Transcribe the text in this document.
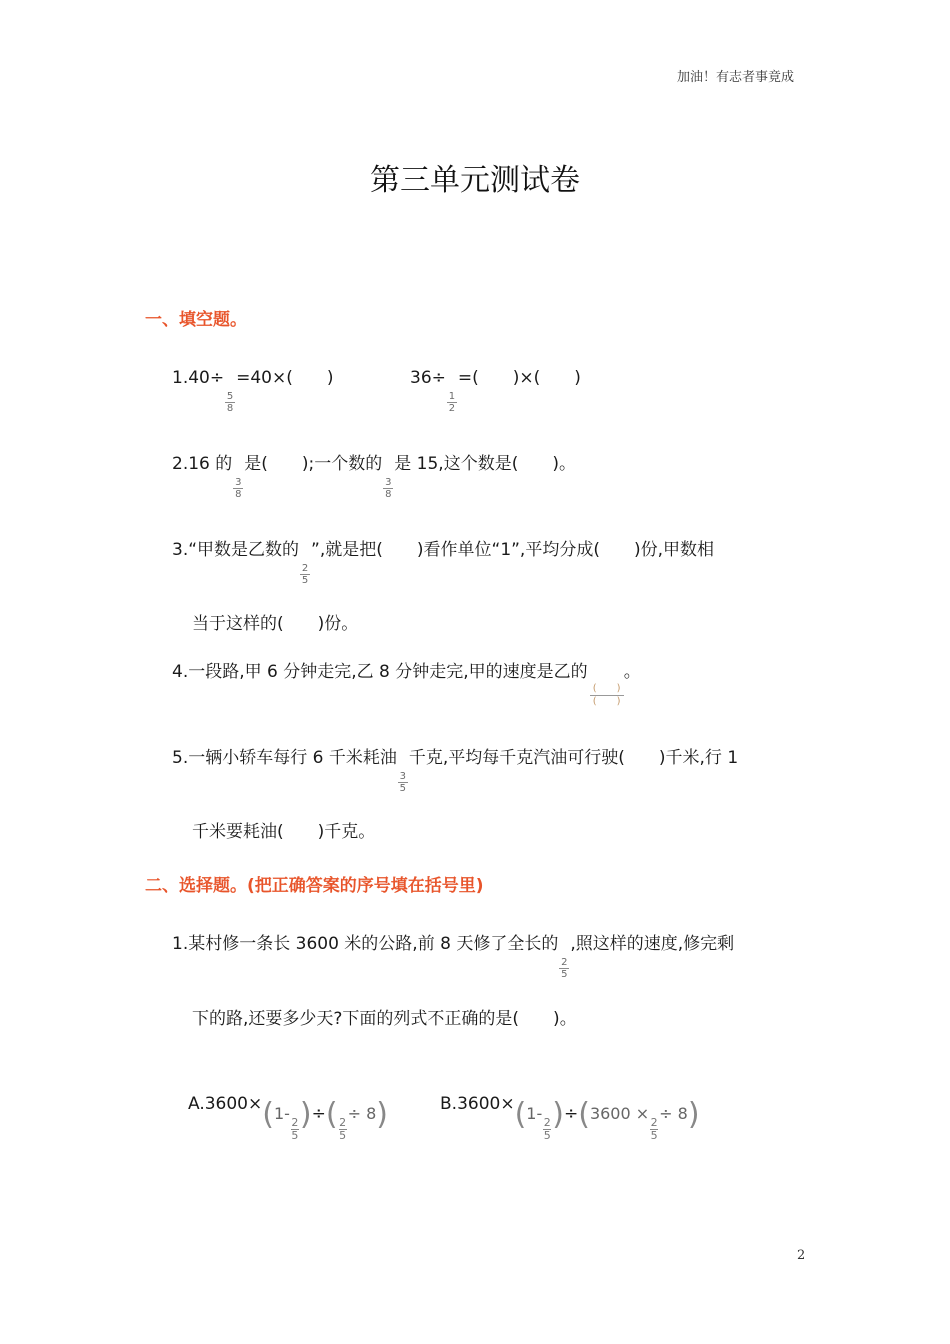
加油！有志者事竟成
第三单元测试卷
一、填空题。
1.40÷
$\frac{5}{8}$
=40×(　　)	36÷
$\frac{1}{2}$
=(　　)×(　　)
2.16 的
$\frac{3}{8}$
是(　　);一个数的
$\frac{3}{8}$
是 15,这个数是(　　)。
3.“甲数是乙数的
$\frac{2}{5}$
”,就是把(　　)看作单位“1”,平均分成(　　)份,甲数相
当于这样的(　　)份。
4.一段路,甲 6 分钟走完,乙 8 分钟走完,甲的速度是乙的
(　　)
(　　)
。
5.一辆小轿车每行 6 千米耗油
$\frac{3}{5}$
千克,平均每千克汽油可行驶(　　)千米,行 1
千米要耗油(　　)千克。
二、选择题。(把正确答案的序号填在括号里)
1.某村修一条长 3600 米的公路,前 8 天修了全长的
$\frac{2}{5}$
,照这样的速度,修完剩
下的路,还要多少天?下面的列式不正确的是(　　)。
A.3600×(1-
$\frac{2}{5}$ )÷( $\frac{2}{5}$
÷ 8)	B.3600×(1-
$\frac{2}{5} )\div(3600$ ×
$\frac{2}{5}$
÷ 8)
2
